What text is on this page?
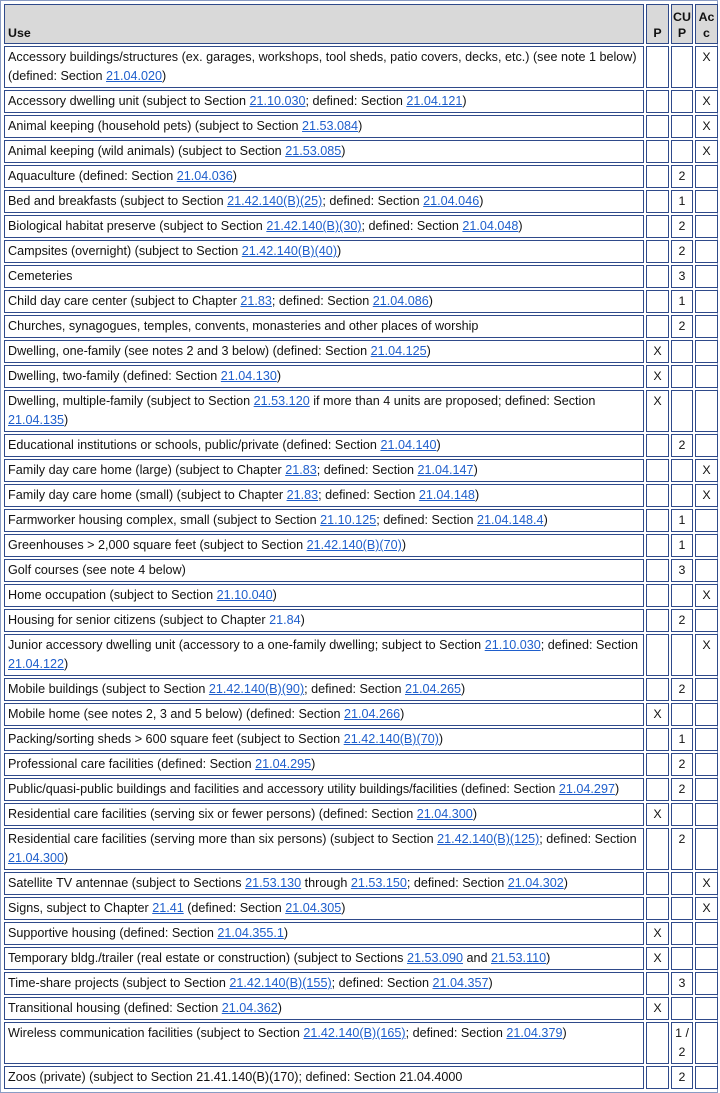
Use	P	CU P	Ac c
Accessory buildings/structures (ex. garages, workshops, tool sheds, patio covers, decks, etc.) (see note 1 below) (defined: Section 21.04.020)			X
Accessory dwelling unit (subject to Section 21.10.030; defined: Section 21.04.121)			X
Animal keeping (household pets) (subject to Section 21.53.084)			X
Animal keeping (wild animals) (subject to Section 21.53.085)			X
Aquaculture (defined: Section 21.04.036)		2	
Bed and breakfasts (subject to Section 21.42.140(B)(25); defined: Section 21.04.046)		1	
Biological habitat preserve (subject to Section 21.42.140(B)(30); defined: Section 21.04.048)		2	
Campsites (overnight) (subject to Section 21.42.140(B)(40))		2	
Cemeteries		3	
Child day care center (subject to Chapter 21.83; defined: Section 21.04.086)		1	
Churches, synagogues, temples, convents, monasteries and other places of worship		2	
Dwelling, one-family (see notes 2 and 3 below) (defined: Section 21.04.125)	X		
Dwelling, two-family (defined: Section 21.04.130)	X		
Dwelling, multiple-family (subject to Section 21.53.120 if more than 4 units are proposed; defined: Section 21.04.135)	X		
Educational institutions or schools, public/private (defined: Section 21.04.140)		2	
Family day care home (large) (subject to Chapter 21.83; defined: Section 21.04.147)			X
Family day care home (small) (subject to Chapter 21.83; defined: Section 21.04.148)			X
Farmworker housing complex, small (subject to Section 21.10.125; defined: Section 21.04.148.4)		1	
Greenhouses > 2,000 square feet (subject to Section 21.42.140(B)(70))		1	
Golf courses (see note 4 below)		3	
Home occupation (subject to Section 21.10.040)			X
Housing for senior citizens (subject to Chapter 21.84)		2	
Junior accessory dwelling unit (accessory to a one-family dwelling; subject to Section 21.10.030; defined: Section 21.04.122)			X
Mobile buildings (subject to Section 21.42.140(B)(90); defined: Section 21.04.265)		2	
Mobile home (see notes 2, 3 and 5 below) (defined: Section 21.04.266)	X		
Packing/sorting sheds > 600 square feet (subject to Section 21.42.140(B)(70))		1	
Professional care facilities (defined: Section 21.04.295)		2	
Public/quasi-public buildings and facilities and accessory utility buildings/facilities (defined: Section 21.04.297)		2	
Residential care facilities (serving six or fewer persons) (defined: Section 21.04.300)	X		
Residential care facilities (serving more than six persons) (subject to Section 21.42.140(B)(125); defined: Section 21.04.300)		2	
Satellite TV antennae (subject to Sections 21.53.130 through 21.53.150; defined: Section 21.04.302)			X
Signs, subject to Chapter 21.41 (defined: Section 21.04.305)			X
Supportive housing (defined: Section 21.04.355.1)	X		
Temporary bldg./trailer (real estate or construction) (subject to Sections 21.53.090 and 21.53.110)	X		
Time-share projects (subject to Section 21.42.140(B)(155); defined: Section 21.04.357)		3	
Transitional housing (defined: Section 21.04.362)	X		
Wireless communication facilities (subject to Section 21.42.140(B)(165); defined: Section 21.04.379)		1 / 2	
Zoos (private) (subject to Section 21.41.140(B)(170); defined: Section 21.04.4000		2	
